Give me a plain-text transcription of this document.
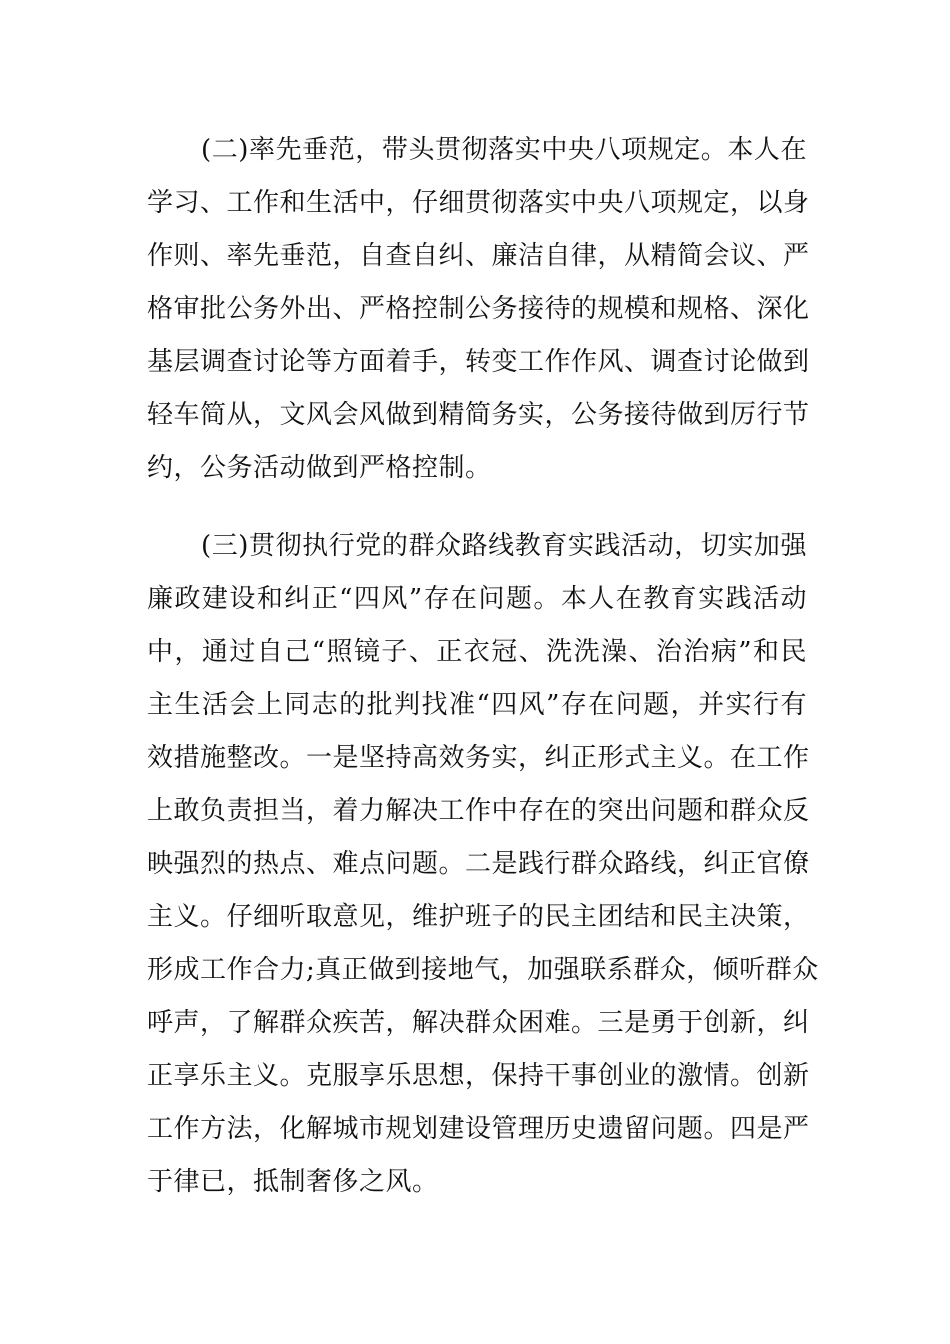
(二)率先垂范，带头贯彻落实中央八项规定。本人在
学习、工作和生活中，仔细贯彻落实中央八项规定，以身
作则、率先垂范，自查自纠、廉洁自律，从精简会议、严
格审批公务外出、严格控制公务接待的规模和规格、深化
基层调查讨论等方面着手，转变工作作风、调查讨论做到
轻车简从，文风会风做到精简务实，公务接待做到厉行节
约，公务活动做到严格控制。
(三)贯彻执行党的群众路线教育实践活动，切实加强
廉政建设和纠正“四风”存在问题。本人在教育实践活动
中，通过自己“照镜子、正衣冠、洗洗澡、治治病”和民
主生活会上同志的批判找准“四风”存在问题，并实行有
效措施整改。一是坚持高效务实，纠正形式主义。在工作
上敢负责担当，着力解决工作中存在的突出问题和群众反
映强烈的热点、难点问题。二是践行群众路线，纠正官僚
主义。仔细听取意见，维护班子的民主团结和民主决策，
形成工作合力;真正做到接地气，加强联系群众，倾听群众
呼声，了解群众疾苦，解决群众困难。三是勇于创新，纠
正享乐主义。克服享乐思想，保持干事创业的激情。创新
工作方法，化解城市规划建设管理历史遗留问题。四是严
于律已，抵制奢侈之风。
